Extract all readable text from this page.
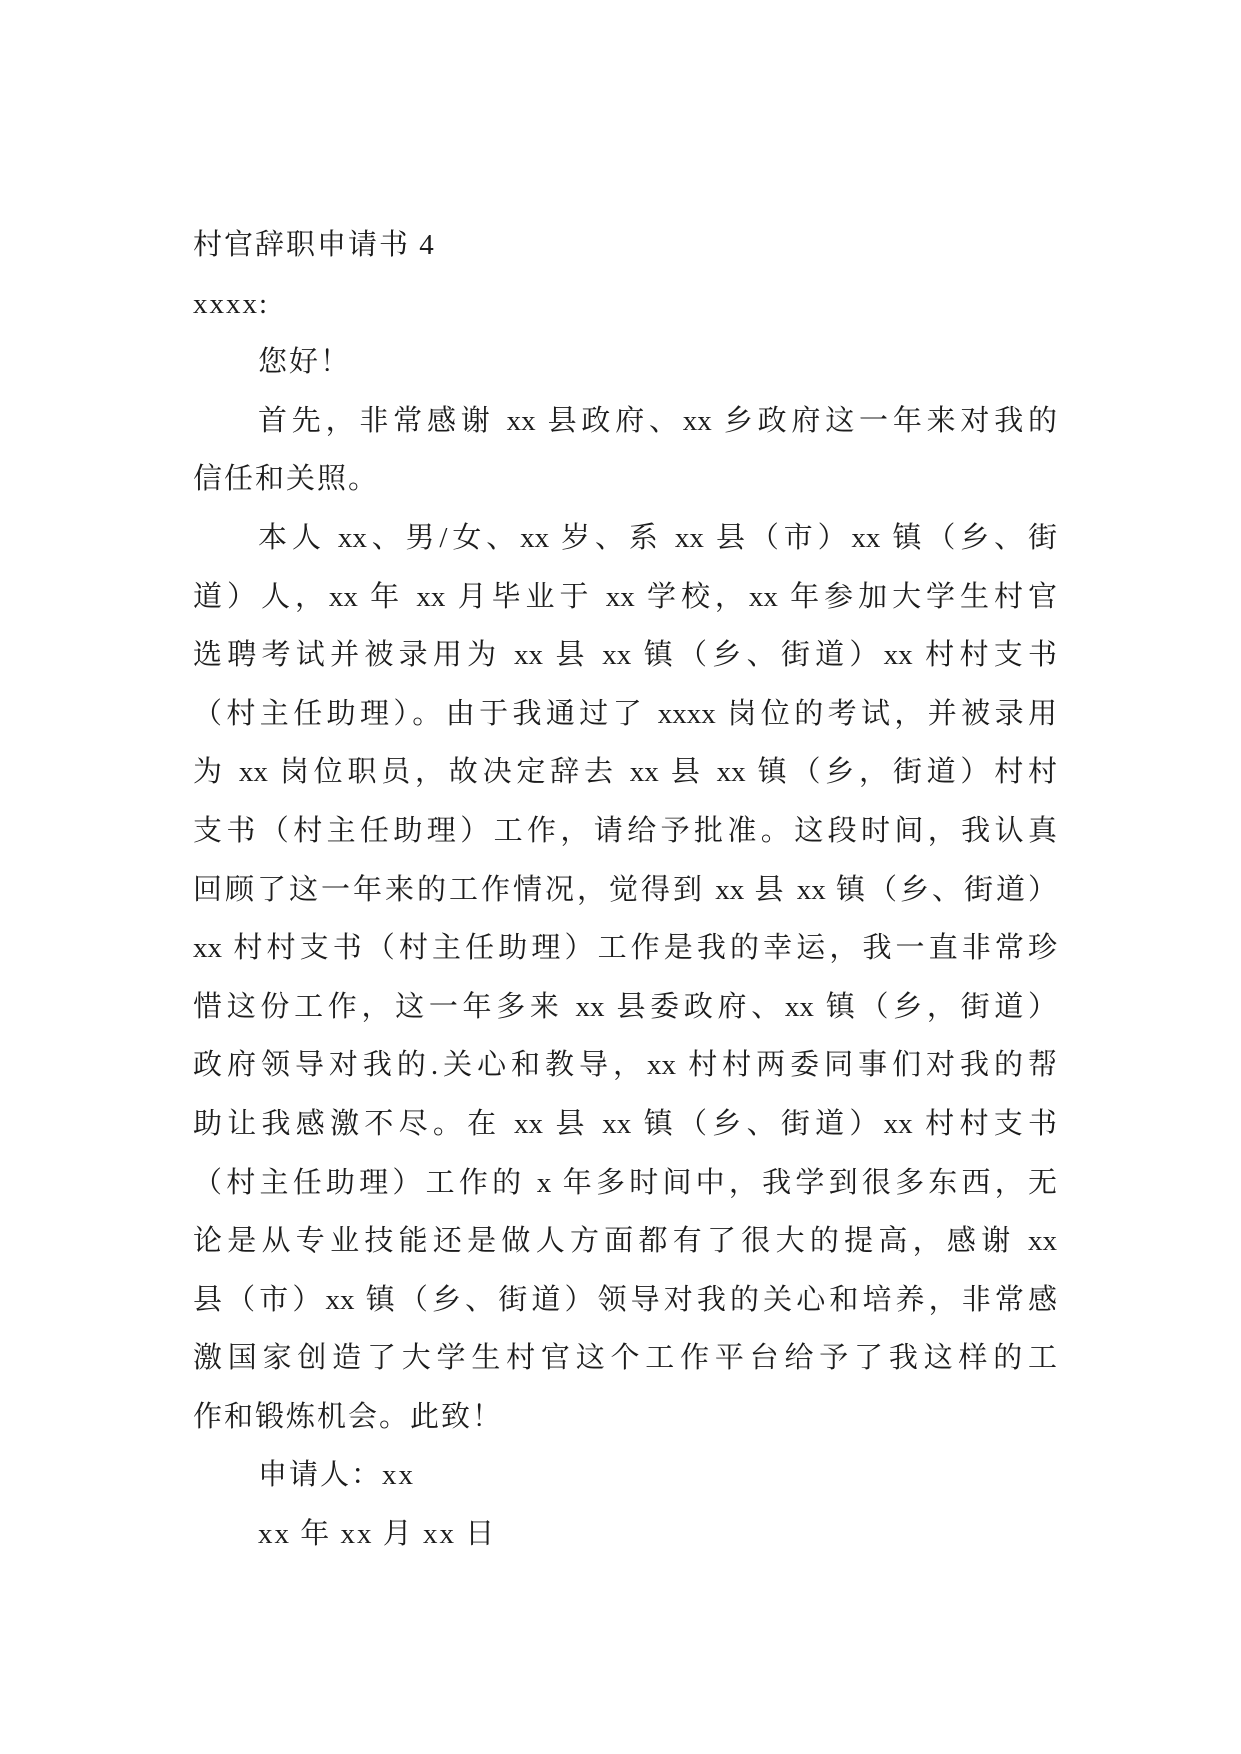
村官辞职申请书 4
xxxx:
您好！
首先，非常感谢 xx 县政府、xx 乡政府这一年来对我的
信任和关照。
本人 xx、男/女、xx 岁、系 xx 县（市）xx 镇（乡、街
道）人，xx 年 xx 月毕业于 xx 学校，xx 年参加大学生村官
选聘考试并被录用为 xx 县 xx 镇（乡、街道）xx 村村支书
（村主任助理）。由于我通过了 xxxx 岗位的考试，并被录用
为 xx 岗位职员，故决定辞去 xx 县 xx 镇（乡，街道）村村
支书（村主任助理）工作，请给予批准。这段时间，我认真
回顾了这一年来的工作情况，觉得到 xx 县 xx 镇（乡、街道）
xx 村村支书（村主任助理）工作是我的幸运，我一直非常珍
惜这份工作，这一年多来 xx 县委政府、xx 镇（乡，街道）
政府领导对我的.关心和教导，xx 村村两委同事们对我的帮
助让我感激不尽。在 xx 县 xx 镇（乡、街道）xx 村村支书
（村主任助理）工作的 x 年多时间中，我学到很多东西，无
论是从专业技能还是做人方面都有了很大的提高，感谢 xx
县（市）xx 镇（乡、街道）领导对我的关心和培养，非常感
激国家创造了大学生村官这个工作平台给予了我这样的工
作和锻炼机会。此致！
申请人：xx
xx 年 xx 月 xx 日
